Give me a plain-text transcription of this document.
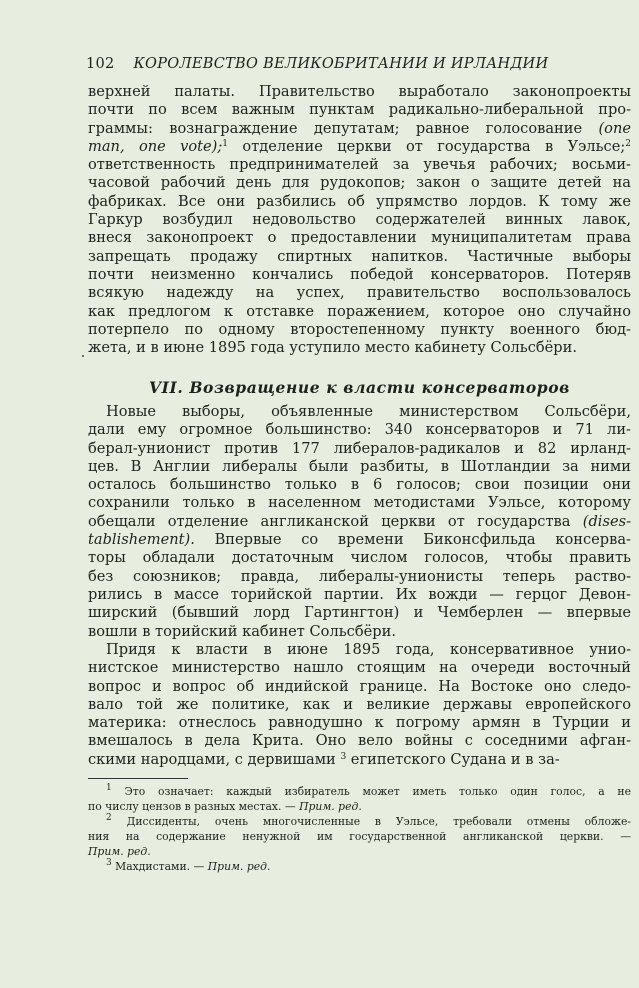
102 КОРОЛЕВСТВО ВЕЛИКОБРИТАНИИ И ИРЛАНДИИ
верхней палаты. Правительство выработало законопроекты
почти по всем важным пунктам радикально-либеральной про-
граммы: вознаграждение депутатам; равное голосование (one
man, one vote);$^1$ отделение церкви от государства в Уэльсе;$^2$
ответственность предпринимателей за увечья рабочих; восьми-
часовой рабочий день для рудокопов; закон о защите детей на
фабриках. Все они разбились об упрямство лордов. К тому же
Гаркур возбудил недовольство содержателей винных лавок,
внеся законопроект о предоставлении муниципалитетам права
запрещать продажу спиртных напитков. Частичные выборы
почти неизменно кончались победой консерваторов. Потеряв
всякую надежду на успех, правительство воспользовалось
как предлогом к отставке поражением, которое оно случайно
потерпело по одному второстепенному пункту военного бюд-
жета, и в июне 1895 года уступило место кабинету Сольсбёри.
VII. Возвращение к власти консерваторов
Новые выборы, объявленные министерством Сольсбёри,
дали ему огромное большинство: 340 консерваторов и 71 ли-
берал-унионист против 177 либералов-радикалов и 82 ирланд-
цев. В Англии либералы были разбиты, в Шотландии за ними
осталось большинство только в 6 голосов; свои позиции они
сохранили только в населенном методистами Уэльсе, которому
обещали отделение англиканской церкви от государства (dises-
tablishement). Впервые со времени Биконсфильда консерва-
торы обладали достаточным числом голосов, чтобы править
без союзников; правда, либералы-унионисты теперь раство-
рились в массе торийской партии. Их вожди — герцог Девон-
ширский (бывший лорд Гартингтон) и Чемберлен — впервые
вошли в торийский кабинет Сольсбёри.
Придя к власти в июне 1895 года, консервативное унио-
нистское министерство нашло стоящим на очереди восточный
вопрос и вопрос об индийской границе. На Востоке оно следо-
вало той же политике, как и великие державы европейского
материка: отнеслось равнодушно к погрому армян в Турции и
вмешалось в дела Крита. Оно вело войны с соседними афган-
скими народцами, с дервишами $^3$ египетского Судана и в за-
$^1$ Это означает: каждый избиратель может иметь только один голос, а не
по числу цензов в разных местах. — Прим. ред.
$^2$ Диссиденты, очень многочисленные в Уэльсе, требовали отмены обложе-
ния на содержание ненужной им государственной англиканской церкви. —
Прим. ред.
$^3$ Махдистами. — Прим. ред.
